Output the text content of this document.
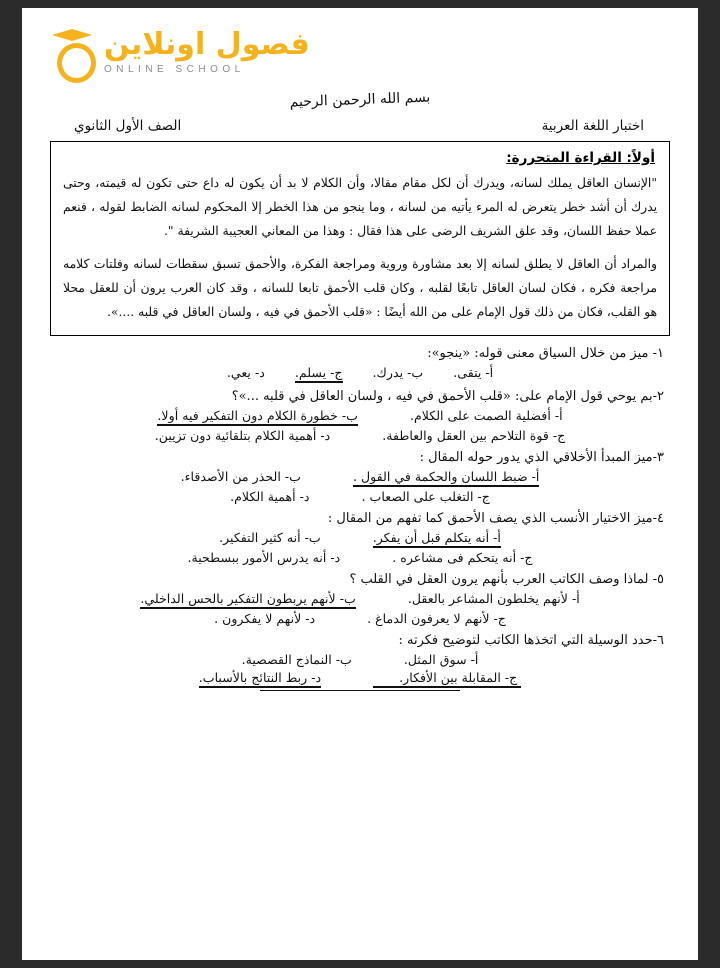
فصول اونلاين
ONLINE SCHOOL
بسم الله الرحمن الرحيم
اختبار اللغة العربية
الصف الأول الثانوي
أولاً: القراءة المتحررة:

"الإنسان العاقل يملك لسانه، ويدرك أن لكل مقام مقالا، وأن الكلام لا بد أن يكون له داع حتى تكون له قيمته، وحتى يدرك أن أشد خطر يتعرض له المرء يأتيه من لسانه ، وما ينجو من هذا الخطر إلا المحكوم لسانه الضابط لقوله ، فنعم عملا حفظ اللسان، وقد علق الشريف الرضى على هذا فقال : وهذا من المعاني العجيبة الشريفة ".

والمراد أن العاقل لا يطلق لسانه إلا بعد مشاورة وروية ومراجعة الفكرة، والأحمق تسبق سقطات لسانه وفلتات كلامه مراجعة فكره ، فكان لسان العاقل تابعًا لقلبه ، وكان قلب الأحمق تابعا للسانه ، وقد كان العرب يرون أن للعقل محلا هو القلب، فكان من ذلك قول الإمام على من الله أيضًا : «قلب الأحمق في فيه ، ولسان العاقل في قلبه ....».

١- ميز من خلال السياق معنى قوله: «ينجو»:
أ- يتقى.
ب- يدرك.
ج- يسلم.
د- يعي.
٢-بم يوحي قول الإمام على: «قلب الأحمق في فيه ، ولسان العاقل في قلبه ...»؟
أ- أفضلية الصمت على الكلام.
ب- خطورة الكلام دون التفكير فيه أولا.
ج- قوة التلاحم بين العقل والعاطفة.
د- أهمية الكلام بتلقائية دون تزيين.
٣-ميز المبدأ الأخلاقي الذي يدور حوله المقال :
أ- ضبط اللسان والحكمة في القول .
ب- الحذر من الأصدقاء.
ج- التغلب على الصعاب .
د- أهمية الكلام.
٤-ميز الاختيار الأنسب الذي يصف الأحمق كما تفهم من المقال :
أ- أنه يتكلم قبل أن يفكر.
ب- أنه كثير التفكير.
ج- أنه يتحكم فى مشاعره .
د- أنه يدرس الأمور ببسطحية.
٥- لماذا وصف الكاتب العرب بأنهم يرون العقل في القلب ؟
أ- لأنهم يخلطون المشاعر بالعقل.
ب- لأنهم يربطون التفكير بالحس الداخلي.
ج- لأنهم لا يعرفون الدماغ .
د- لأنهم لا يفكرون .
٦-حدد الوسيلة التي اتخذها الكاتب لتوضيح فكرته :
أ- سوق المثل.
ب- النماذج القصصية.
ج- المقابلة بين الأفكار.
د- ربط النتائج بالأسباب.
